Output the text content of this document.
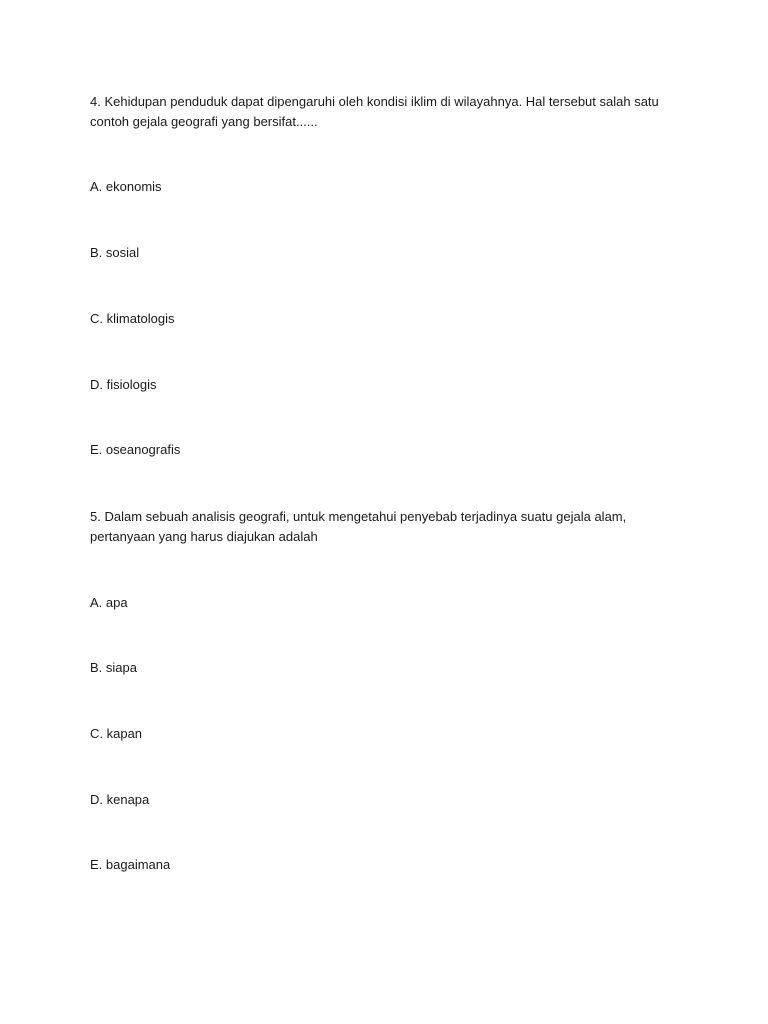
4. Kehidupan penduduk dapat dipengaruhi oleh kondisi iklim di wilayahnya. Hal tersebut salah satu contoh gejala geografi yang bersifat......

A. ekonomis

B. sosial

C. klimatologis

D. fisiologis

E. oseanografis

5. Dalam sebuah analisis geografi, untuk mengetahui penyebab terjadinya suatu gejala alam, pertanyaan yang harus diajukan adalah

A. apa

B. siapa

C. kapan

D. kenapa

E. bagaimana
